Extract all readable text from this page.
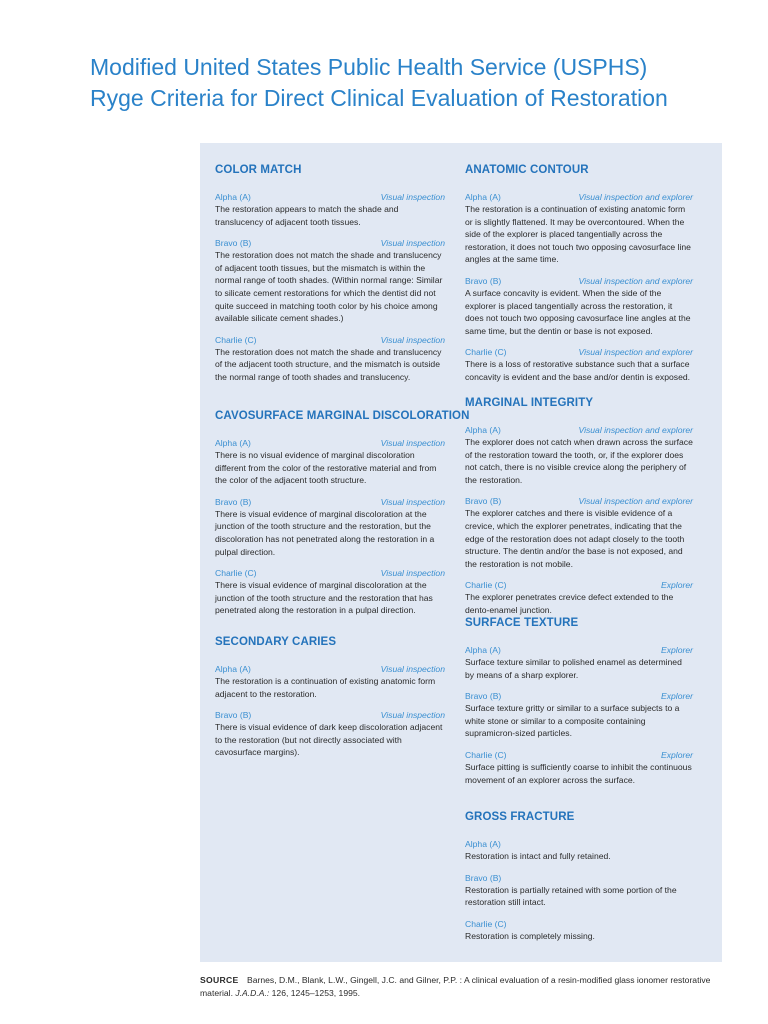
Modified United States Public Health Service (USPHS)
Ryge Criteria for Direct Clinical Evaluation of Restoration
COLOR MATCH
Alpha (A)	Visual inspection
The restoration appears to match the shade and translucency of adjacent tooth tissues.
Bravo (B)	Visual inspection
The restoration does not match the shade and translucency of adjacent tooth tissues, but the mismatch is within the normal range of tooth shades. (Within normal range: Similar to silicate cement restorations for which the dentist did not quite succeed in matching tooth color by his choice among available silicate cement shades.)
Charlie (C)	Visual inspection
The restoration does not match the shade and translucency of the adjacent tooth structure, and the mismatch is outside the normal range of tooth shades and translucency.
CAVOSURFACE MARGINAL DISCOLORATION
Alpha (A)	Visual inspection
There is no visual evidence of marginal discoloration different from the color of the restorative material and from the color of the adjacent tooth structure.
Bravo (B)	Visual inspection
There is visual evidence of marginal discoloration at the junction of the tooth structure and the restoration, but the discoloration has not penetrated along the restoration in a pulpal direction.
Charlie (C)	Visual inspection
There is visual evidence of marginal discoloration at the junction of the tooth structure and the restoration that has penetrated along the restoration in a pulpal direction.
SECONDARY CARIES
Alpha (A)	Visual inspection
The restoration is a continuation of existing anatomic form adjacent to the restoration.
Bravo (B)	Visual inspection
There is visual evidence of dark keep discoloration adjacent to the restoration (but not directly associated with cavosurface margins).
ANATOMIC CONTOUR
Alpha (A)	Visual inspection and explorer
The restoration is a continuation of existing anatomic form or is slightly flattened. It may be overcontoured. When the side of the explorer is placed tangentially across the restoration, it does not touch two opposing cavosurface line angles at the same time.
Bravo (B)	Visual inspection and explorer
A surface concavity is evident. When the side of the explorer is placed tangentially across the restoration, it does not touch two opposing cavosurface line angles at the same time, but the dentin or base is not exposed.
Charlie (C)	Visual inspection and explorer
There is a loss of restorative substance such that a surface concavity is evident and the base and/or dentin is exposed.
MARGINAL INTEGRITY
Alpha (A)	Visual inspection and explorer
The explorer does not catch when drawn across the surface of the restoration toward the tooth, or, if the explorer does not catch, there is no visible crevice along the periphery of the restoration.
Bravo (B)	Visual inspection and explorer
The explorer catches and there is visible evidence of a crevice, which the explorer penetrates, indicating that the edge of the restoration does not adapt closely to the tooth structure. The dentin and/or the base is not exposed, and the restoration is not mobile.
Charlie (C)	Explorer
The explorer penetrates crevice defect extended to the dento-enamel junction.
SURFACE TEXTURE
Alpha (A)	Explorer
Surface texture similar to polished enamel as determined by means of a sharp explorer.
Bravo (B)	Explorer
Surface texture gritty or similar to a surface subjects to a white stone or similar to a composite containing supramicron-sized particles.
Charlie (C)	Explorer
Surface pitting is sufficiently coarse to inhibit the continuous movement of an explorer across the surface.
GROSS FRACTURE
Alpha (A)
Restoration is intact and fully retained.
Bravo (B)
Restoration is partially retained with some portion of the restoration still intact.
Charlie (C)
Restoration is completely missing.
SOURCE Barnes, D.M., Blank, L.W., Gingell, J.C. and Gilner, P.P. : A clinical evaluation of a resin-modified glass ionomer restorative material. J.A.D.A.: 126, 1245–1253, 1995.
